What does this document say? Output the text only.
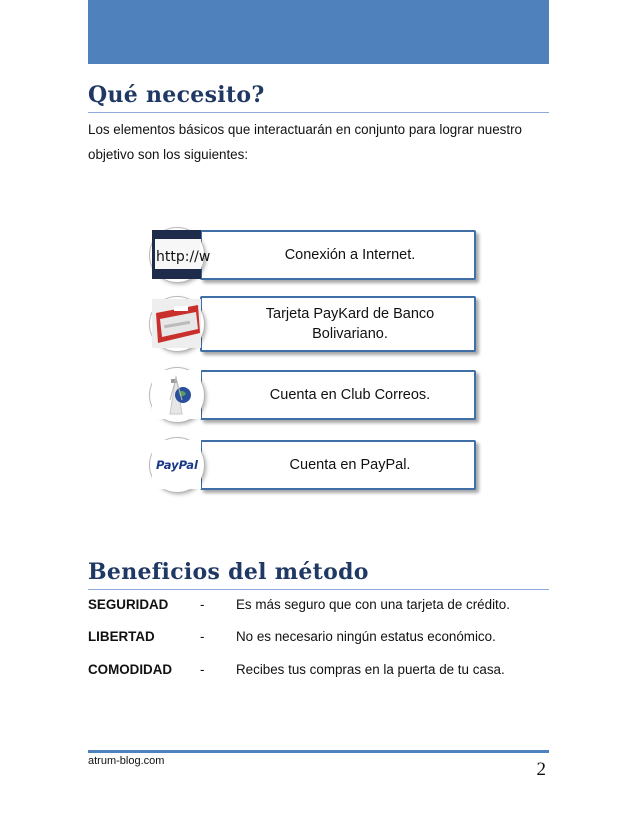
Qué necesito?

Los elementos básicos que interactuarán en conjunto para lograr nuestro objetivo son los siguientes:

http://w	Conexión a Internet.
Tarjeta PayKard de Banco Bolivariano.
Cuenta en Club Correos.
PayPal	Cuenta en PayPal.
Beneficios del método
SEGURIDAD - Es más seguro que con una tarjeta de crédito.
LIBERTAD	- No es necesario ningún estatus económico.
COMODIDAD - Recibes tus compras en la puerta de tu casa.
atrum-blog.com	2
